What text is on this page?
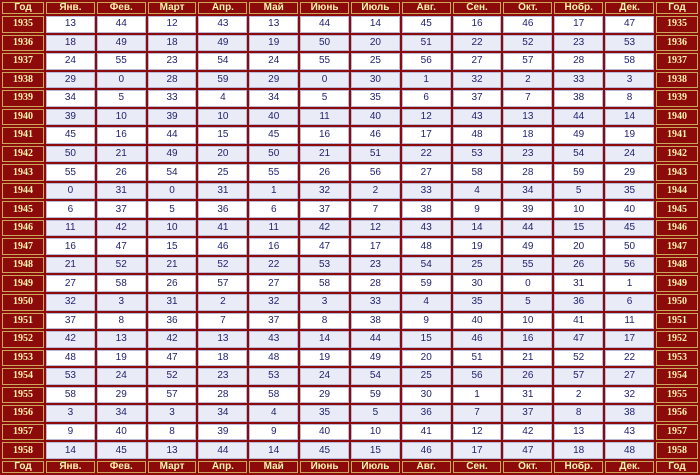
Год	Янв.	Фев.	Март	Апр.	Май	Июнь	Июль	Авг.	Сен.	Окт.	Нобр.	Дек.	Год
1935	13	44	12	43	13	44	14	45	16	46	17	47	1935
1936	18	49	18	49	19	50	20	51	22	52	23	53	1936
1937	24	55	23	54	24	55	25	56	27	57	28	58	1937
1938	29	0	28	59	29	0	30	1	32	2	33	3	1938
1939	34	5	33	4	34	5	35	6	37	7	38	8	1939
1940	39	10	39	10	40	11	40	12	43	13	44	14	1940
1941	45	16	44	15	45	16	46	17	48	18	49	19	1941
1942	50	21	49	20	50	21	51	22	53	23	54	24	1942
1943	55	26	54	25	55	26	56	27	58	28	59	29	1943
1944	0	31	0	31	1	32	2	33	4	34	5	35	1944
1945	6	37	5	36	6	37	7	38	9	39	10	40	1945
1946	11	42	10	41	11	42	12	43	14	44	15	45	1946
1947	16	47	15	46	16	47	17	48	19	49	20	50	1947
1948	21	52	21	52	22	53	23	54	25	55	26	56	1948
1949	27	58	26	57	27	58	28	59	30	0	31	1	1949
1950	32	3	31	2	32	3	33	4	35	5	36	6	1950
1951	37	8	36	7	37	8	38	9	40	10	41	11	1951
1952	42	13	42	13	43	14	44	15	46	16	47	17	1952
1953	48	19	47	18	48	19	49	20	51	21	52	22	1953
1954	53	24	52	23	53	24	54	25	56	26	57	27	1954
1955	58	29	57	28	58	29	59	30	1	31	2	32	1955
1956	3	34	3	34	4	35	5	36	7	37	8	38	1956
1957	9	40	8	39	9	40	10	41	12	42	13	43	1957
1958	14	45	13	44	14	45	15	46	17	47	18	48	1958
Год	Янв.	Фев.	Март	Апр.	Май	Июнь	Июль	Авг.	Сен.	Окт.	Нобр.	Дек.	Год
